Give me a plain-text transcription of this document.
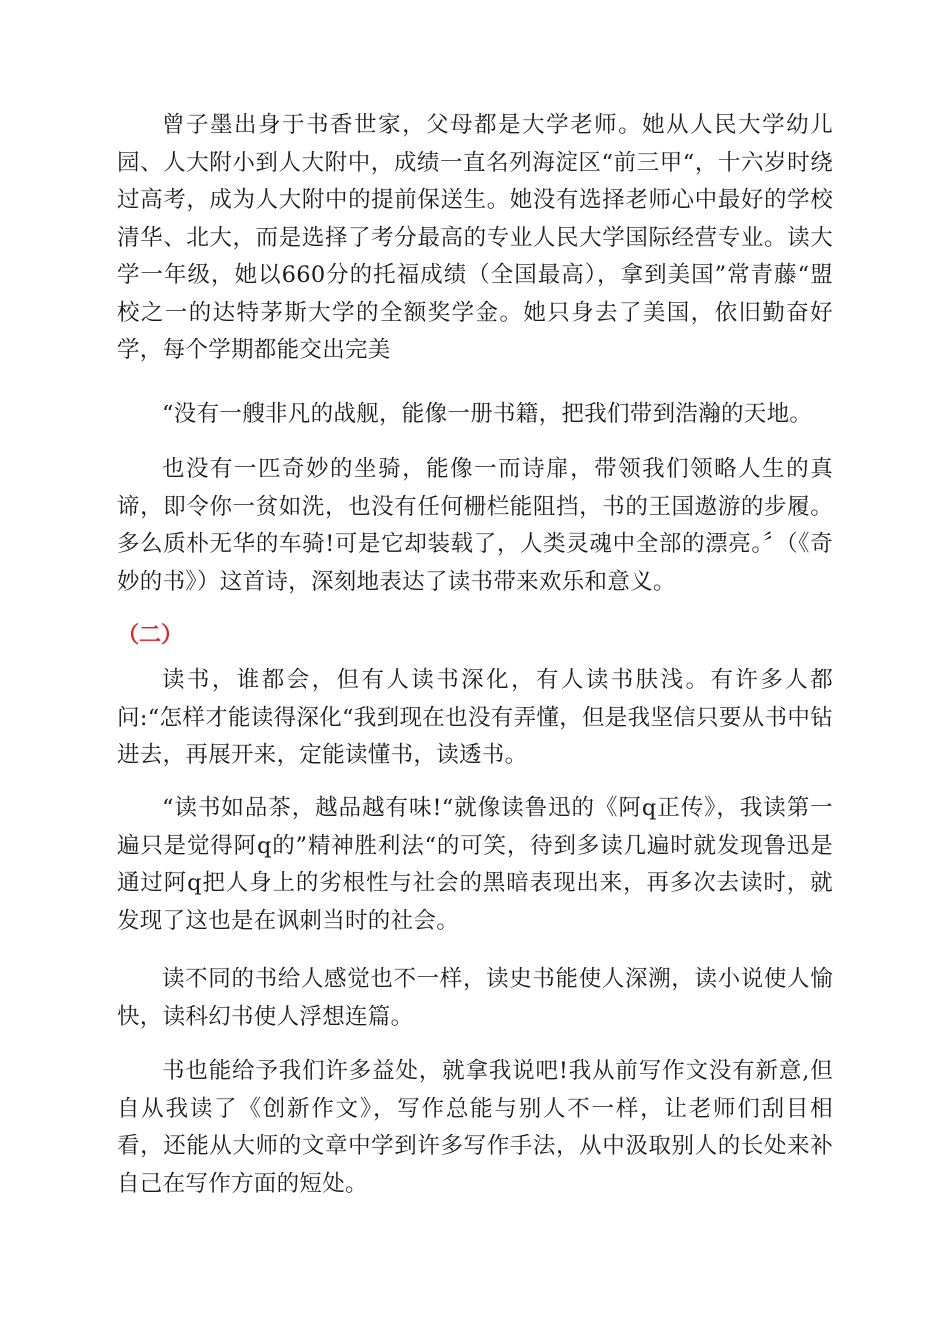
曾子墨出身于书香世家，父母都是大学老师。她从人民大学幼儿园、人大附小到人大附中，成绩一直名列海淀区“前三甲“，十六岁时绕过高考，成为人大附中的提前保送生。她没有选择老师心中最好的学校清华、北大，而是选择了考分最高的专业人民大学国际经营专业。读大学一年级，她以660分的托福成绩（全国最高），拿到美国”常青藤“盟校之一的达特茅斯大学的全额奖学金。她只身去了美国，依旧勤奋好学，每个学期都能交出完美

“没有一艘非凡的战舰，能像一册书籍，把我们带到浩瀚的天地。

也没有一匹奇妙的坐骑，能像一而诗扉，带领我们领略人生的真谛，即令你一贫如洗，也没有任何栅栏能阻挡，书的王国遨游的步履。多么质朴无华的车骑!可是它却装载了，人类灵魂中全部的漂亮。〞（《奇妙的书》）这首诗，深刻地表达了读书带来欢乐和意义。

（二）

读书，谁都会，但有人读书深化，有人读书肤浅。有许多人都问:“怎样才能读得深化“我到现在也没有弄懂，但是我坚信只要从书中钻进去，再展开来，定能读懂书，读透书。

“读书如品茶，越品越有味!“就像读鲁迅的《阿q正传》，我读第一遍只是觉得阿q的”精神胜利法“的可笑，待到多读几遍时就发现鲁迅是通过阿q把人身上的劣根性与社会的黑暗表现出来，再多次去读时，就发现了这也是在讽刺当时的社会。

读不同的书给人感觉也不一样，读史书能使人深溯，读小说使人愉快，读科幻书使人浮想连篇。

书也能给予我们许多益处，就拿我说吧!我从前写作文没有新意,但自从我读了《创新作文》，写作总能与别人不一样，让老师们刮目相看，还能从大师的文章中学到许多写作手法，从中汲取别人的长处来补自己在写作方面的短处。
